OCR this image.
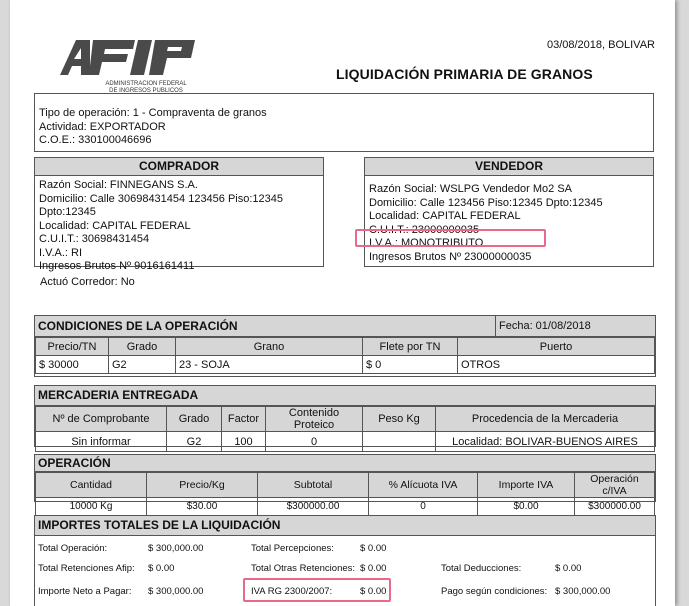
ADMINISTRACION FEDERAL
DE INGRESOS PUBLICOS
03/08/2018, BOLIVAR
LIQUIDACIÓN PRIMARIA DE GRANOS
Tipo de operación: 1 - Compraventa de granos
Actividad: EXPORTADOR
C.O.E.: 330100046696
COMPRADOR
Razón Social: FINNEGANS S.A.
Domicilio: Calle 30698431454 123456 Piso:12345
Dpto:12345
Localidad: CAPITAL FEDERAL
C.U.I.T.: 30698431454
I.V.A.: RI
Ingresos Brutos Nº 9016161411
VENDEDOR
Razón Social: WSLPG Vendedor Mo2 SA
Domicilio: Calle 123456 Piso:12345 Dpto:12345
Localidad: CAPITAL FEDERAL
C.U.I.T.: 23000000035
I.V.A.: MONOTRIBUTO
Ingresos Brutos Nº 23000000035
Actuó Corredor: No
CONDICIONES DE LA OPERACIÓN	Fecha: 01/08/2018
Precio/TN	Grado	Grano	Flete por TN	Puerto
$ 30000	G2	23 - SOJA	$ 0	OTROS
MERCADERIA ENTREGADA
Nº de Comprobante	Grado	Factor	Contenido Proteico	Peso Kg	Procedencia de la Mercaderia
Sin informar	G2	100	0		Localidad: BOLIVAR-BUENOS AIRES
OPERACIÓN
Cantidad	Precio/Kg	Subtotal	% Alícuota IVA	Importe IVA	Operación c/IVA
10000 Kg	$30.00	$300000.00	0	$0.00	$300000.00
IMPORTES TOTALES DE LA LIQUIDACIÓN
Total Operación:	$ 300,000.00	Total Percepciones:	$ 0.00
Total Retenciones Afip: $ 0.00	Total Otras Retenciones: $ 0.00	Total Deducciones:	$ 0.00
Importe Neto a Pagar: $ 300,000.00	IVA RG 2300/2007:	$ 0.00	Pago según condiciones: $ 300,000.00
